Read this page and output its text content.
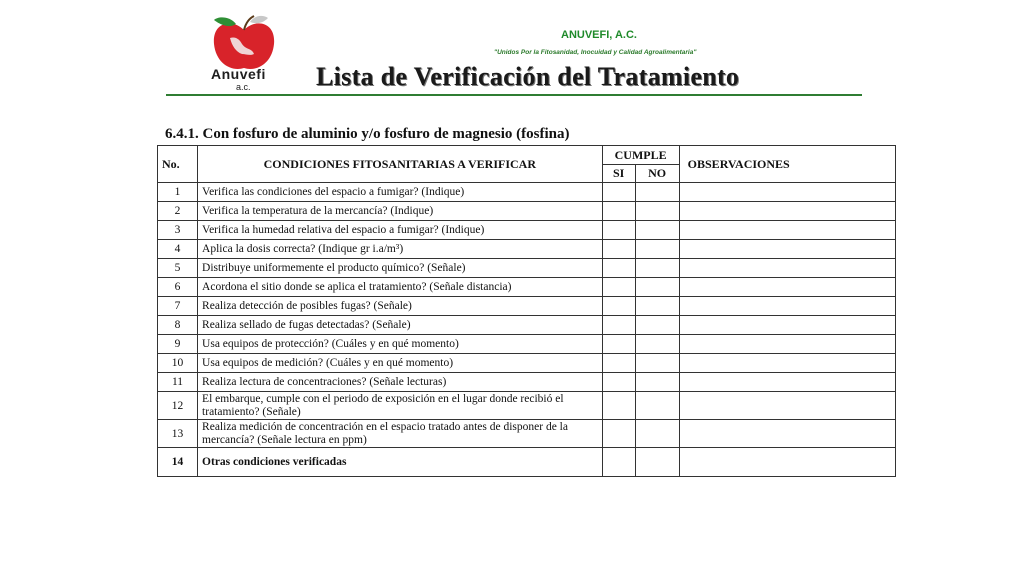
Anuvefi
a.c.
ANUVEFI, A.C.
"Unidos Por la Fitosanidad, Inocuidad y Calidad Agroalimentaria"
Lista de Verificación del Tratamiento
6.4.1. Con fosfuro de aluminio y/o fosfuro de magnesio (fosfina)
No.	CONDICIONES FITOSANITARIAS A VERIFICAR	CUMPLE		OBSERVACIONES
		SI	NO	
1	Verifica las condiciones del espacio a fumigar? (Indique)			
2	Verifica la temperatura de la mercancía? (Indique)			
3	Verifica la humedad relativa del espacio a fumigar? (Indique)			
4	Aplica la dosis correcta? (Indique gr i.a/m³)			
5	Distribuye uniformemente el producto químico? (Señale)			
6	Acordona el sitio donde se aplica el tratamiento? (Señale distancia)			
7	Realiza detección de posibles fugas? (Señale)			
8	Realiza sellado de fugas detectadas? (Señale)			
9	Usa equipos de protección? (Cuáles y en qué momento)			
10	Usa equipos de medición? (Cuáles y en qué momento)			
11	Realiza lectura de concentraciones? (Señale lecturas)			
12	El embarque, cumple con el periodo de exposición en el lugar donde recibió el tratamiento? (Señale)			
13	Realiza medición de concentración en el espacio tratado antes de disponer de la mercancía? (Señale lectura en ppm)			
14	Otras condiciones verificadas			
